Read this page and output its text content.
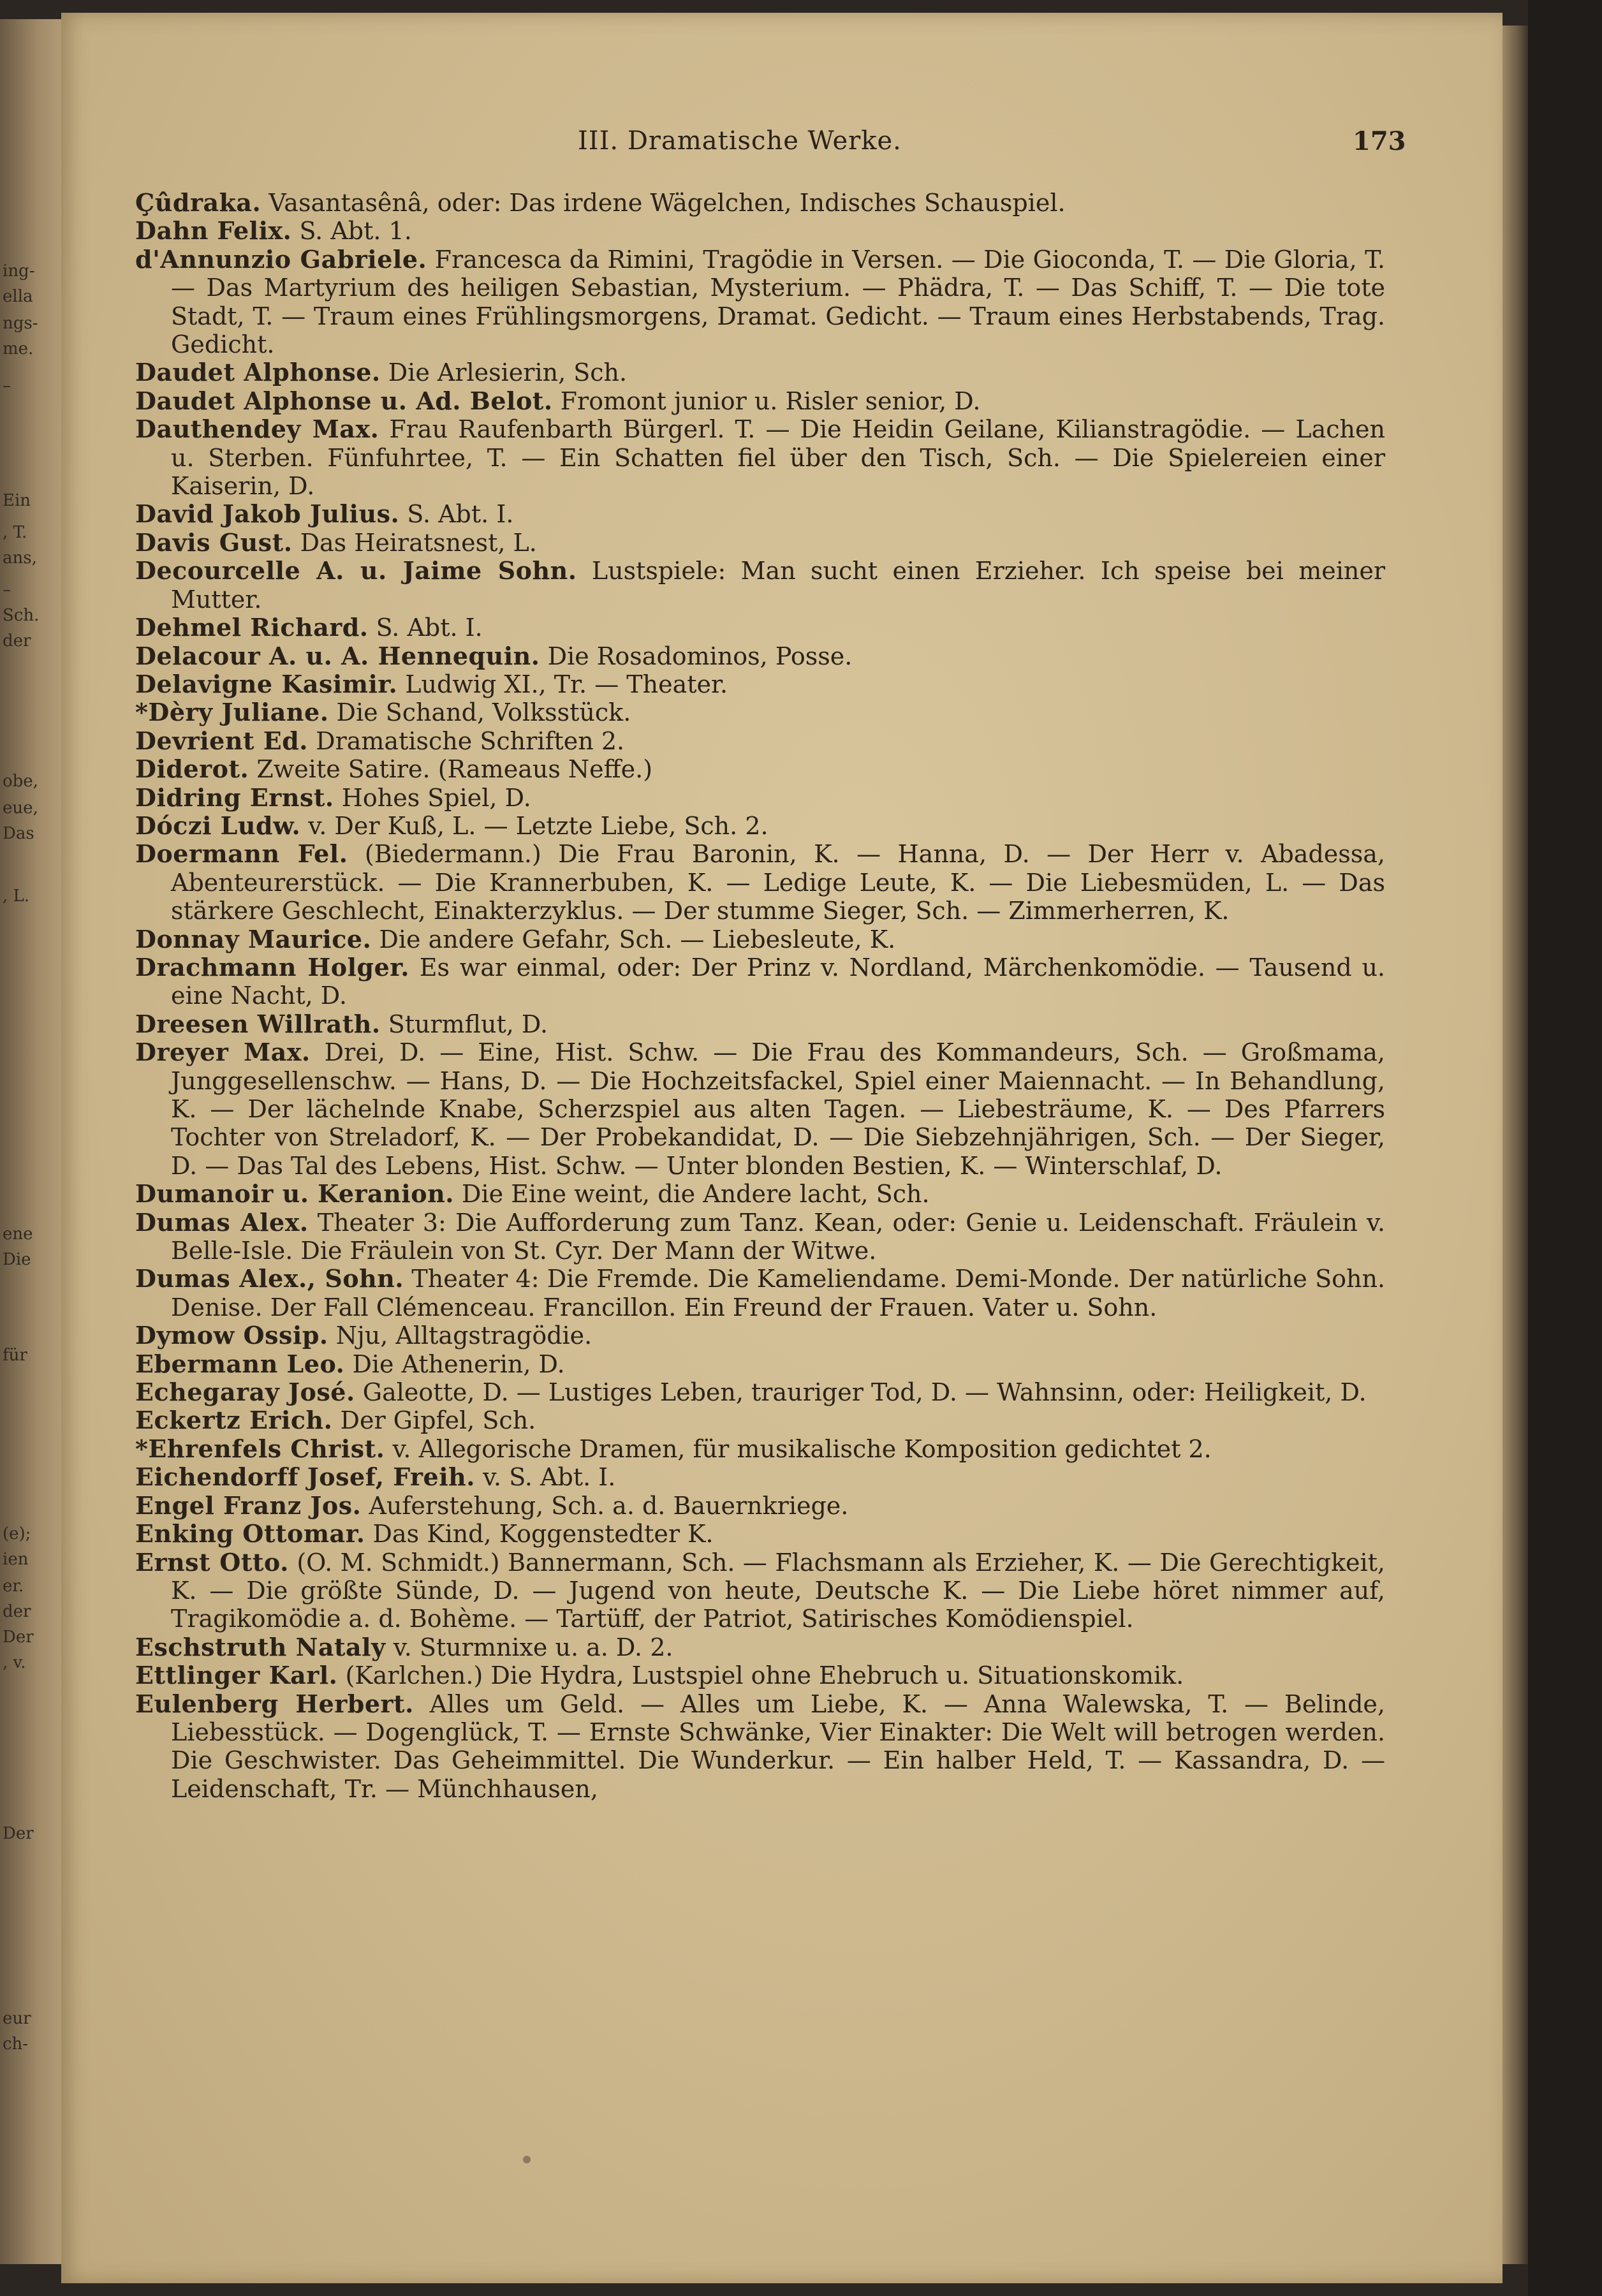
ing-
ella
ngs-
me.
–
Ein
, T.
ans,
–
Sch.
der
obe,
eue,
Das
, L.
ene
Die
für
(e);
ien
er.
der
Der
, v.
Der
eur
ch-
III. Dramatische Werke.	173
Çûdraka. Vasantasênâ, oder: Das irdene Wägelchen, Indisches Schauspiel.
Dahn Felix. S. Abt. 1.
d'Annunzio Gabriele. Francesca da Rimini, Tragödie in Versen. — Die Gioconda, T. — Die Gloria, T. — Das Martyrium des heiligen Sebastian, Mysterium. — Phädra, T. — Das Schiff, T. — Die tote Stadt, T. — Traum eines Frühlingsmorgens, Dramat. Gedicht. — Traum eines Herbstabends, Trag. Gedicht.
Daudet Alphonse. Die Arlesierin, Sch.
Daudet Alphonse u. Ad. Belot. Fromont junior u. Risler senior, D.
Dauthendey Max. Frau Raufenbarth Bürgerl. T. — Die Heidin Geilane, Kilianstragödie. — Lachen u. Sterben. Fünfuhrtee, T. — Ein Schatten fiel über den Tisch, Sch. — Die Spielereien einer Kaiserin, D.
David Jakob Julius. S. Abt. I.
Davis Gust. Das Heiratsnest, L.
Decourcelle A. u. Jaime Sohn. Lustspiele: Man sucht einen Erzieher. Ich speise bei meiner Mutter.
Dehmel Richard. S. Abt. I.
Delacour A. u. A. Hennequin. Die Rosadominos, Posse.
Delavigne Kasimir. Ludwig XI., Tr. — Theater.
*Dèry Juliane. Die Schand, Volksstück.
Devrient Ed. Dramatische Schriften 2.
Diderot. Zweite Satire. (Rameaus Neffe.)
Didring Ernst. Hohes Spiel, D.
Dóczi Ludw. v. Der Kuß, L. — Letzte Liebe, Sch. 2.
Doermann Fel. (Biedermann.) Die Frau Baronin, K. — Hanna, D. — Der Herr v. Abadessa, Abenteurerstück. — Die Krannerbuben, K. — Ledige Leute, K. — Die Liebesmüden, L. — Das stärkere Geschlecht, Einakterzyklus. — Der stumme Sieger, Sch. — Zimmerherren, K.
Donnay Maurice. Die andere Gefahr, Sch. — Liebesleute, K.
Drachmann Holger. Es war einmal, oder: Der Prinz v. Nordland, Märchenkomödie. — Tausend u. eine Nacht, D.
Dreesen Willrath. Sturmflut, D.
Dreyer Max. Drei, D. — Eine, Hist. Schw. — Die Frau des Kommandeurs, Sch. — Großmama, Junggesellenschw. — Hans, D. — Die Hochzeitsfackel, Spiel einer Maiennacht. — In Behandlung, K. — Der lächelnde Knabe, Scherzspiel aus alten Tagen. — Liebesträume, K. — Des Pfarrers Tochter von Streladorf, K. — Der Probekandidat, D. — Die Siebzehnjährigen, Sch. — Der Sieger, D. — Das Tal des Lebens, Hist. Schw. — Unter blonden Bestien, K. — Winterschlaf, D.
Dumanoir u. Keranion. Die Eine weint, die Andere lacht, Sch.
Dumas Alex. Theater 3: Die Aufforderung zum Tanz. Kean, oder: Genie u. Leidenschaft. Fräulein v. Belle-Isle. Die Fräulein von St. Cyr. Der Mann der Witwe.
Dumas Alex., Sohn. Theater 4: Die Fremde. Die Kameliendame. Demi-Monde. Der natürliche Sohn. Denise. Der Fall Clémenceau. Francillon. Ein Freund der Frauen. Vater u. Sohn.
Dymow Ossip. Nju, Alltagstragödie.
Ebermann Leo. Die Athenerin, D.
Echegaray José. Galeotte, D. — Lustiges Leben, trauriger Tod, D. — Wahnsinn, oder: Heiligkeit, D.
Eckertz Erich. Der Gipfel, Sch.
*Ehrenfels Christ. v. Allegorische Dramen, für musikalische Komposition gedichtet 2.
Eichendorff Josef, Freih. v. S. Abt. I.
Engel Franz Jos. Auferstehung, Sch. a. d. Bauernkriege.
Enking Ottomar. Das Kind, Koggenstedter K.
Ernst Otto. (O. M. Schmidt.) Bannermann, Sch. — Flachsmann als Erzieher, K. — Die Gerechtigkeit, K. — Die größte Sünde, D. — Jugend von heute, Deutsche K. — Die Liebe höret nimmer auf, Tragikomödie a. d. Bohème. — Tartüff, der Patriot, Satirisches Komödienspiel.
Eschstruth Nataly v. Sturmnixe u. a. D. 2.
Ettlinger Karl. (Karlchen.) Die Hydra, Lustspiel ohne Ehebruch u. Situationskomik.
Eulenberg Herbert. Alles um Geld. — Alles um Liebe, K. — Anna Walewska, T. — Belinde, Liebesstück. — Dogenglück, T. — Ernste Schwänke, Vier Einakter: Die Welt will betrogen werden. Die Geschwister. Das Geheimmittel. Die Wunderkur. — Ein halber Held, T. — Kassandra, D. — Leidenschaft, Tr. — Münchhausen,
